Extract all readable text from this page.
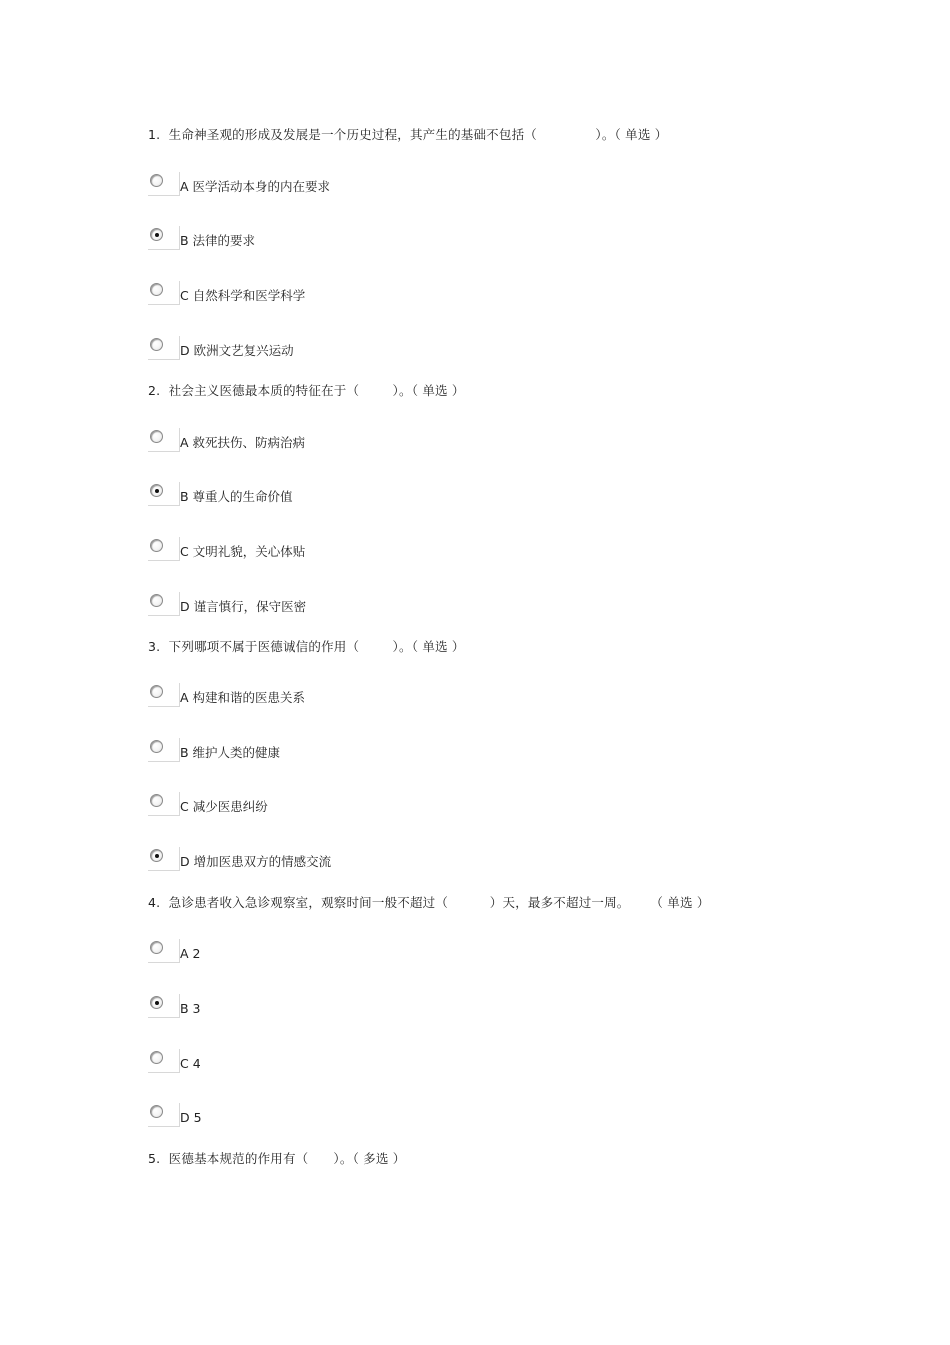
1.  生命神圣观的形成及发展是一个历史过程，其产生的基础不包括（              ）。（ 单选 ）
A 医学活动本身的内在要求
B 法律的要求
C 自然科学和医学科学
D 欧洲文艺复兴运动
2.  社会主义医德最本质的特征在于（        ）。（ 单选 ）
A 救死扶伤、防病治病
B 尊重人的生命价值
C 文明礼貌，关心体贴
D 谨言慎行，保守医密
3.  下列哪项不属于医德诚信的作用（        ）。（ 单选 ）
A 构建和谐的医患关系
B 维护人类的健康
C 减少医患纠纷
D 增加医患双方的情感交流
4.  急诊患者收入急诊观察室，观察时间一般不超过（          ）天，最多不超过一周。     （ 单选 ）
A 2
B 3
C 4
D 5
5.  医德基本规范的作用有（      ）。（ 多选 ）
